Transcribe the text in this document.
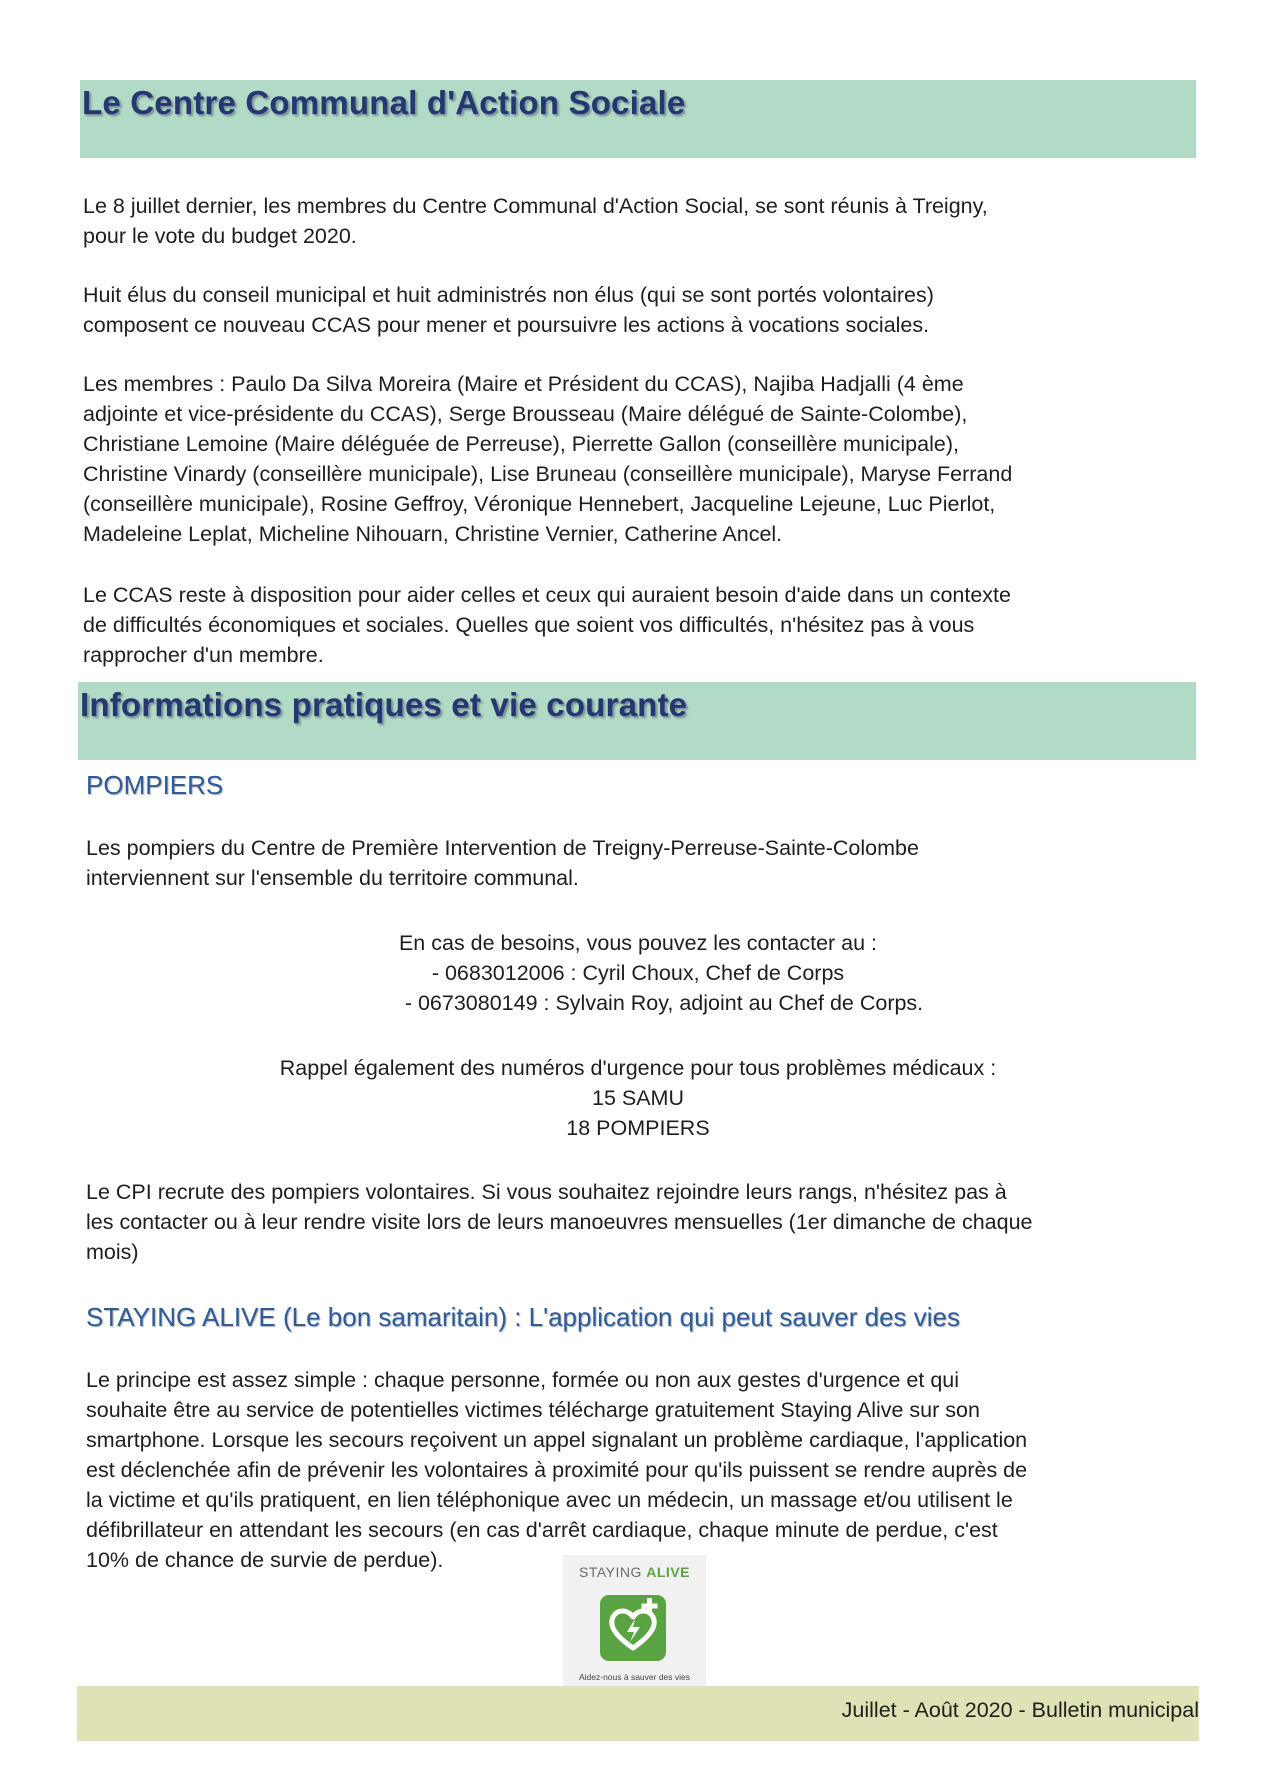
Le Centre Communal d'Action Sociale

Le 8 juillet dernier, les membres du Centre Communal d'Action Social, se sont réunis à Treigny,
pour le vote du budget 2020.

Huit élus du conseil municipal et huit administrés non élus (qui se sont portés volontaires)
composent ce nouveau CCAS pour mener et poursuivre les actions à vocations sociales.

Les membres : Paulo Da Silva Moreira (Maire et Président du CCAS), Najiba Hadjalli (4 ème
adjointe et vice-présidente du CCAS), Serge Brousseau (Maire délégué de Sainte-Colombe),
Christiane Lemoine (Maire déléguée de Perreuse), Pierrette Gallon (conseillère municipale),
Christine Vinardy (conseillère municipale), Lise Bruneau (conseillère municipale), Maryse Ferrand
(conseillère municipale), Rosine Geffroy, Véronique Hennebert, Jacqueline Lejeune, Luc Pierlot,
Madeleine Leplat, Micheline Nihouarn, Christine Vernier, Catherine Ancel.

Le CCAS reste à disposition pour aider celles et ceux qui auraient besoin d'aide dans un contexte
de difficultés économiques et sociales. Quelles que soient vos difficultés, n'hésitez pas à vous
rapprocher d'un membre.

Informations pratiques et vie courante
POMPIERS

Les pompiers du Centre de Première Intervention de Treigny-Perreuse-Sainte-Colombe
interviennent sur l'ensemble du territoire communal.

En cas de besoins, vous pouvez les contacter au :
- 0683012006 : Cyril Choux, Chef de Corps
- 0673080149 : Sylvain Roy, adjoint au Chef de Corps.

Rappel également des numéros d'urgence pour tous problèmes médicaux :
15 SAMU
18 POMPIERS

Le CPI recrute des pompiers volontaires. Si vous souhaitez rejoindre leurs rangs, n'hésitez pas à
les contacter ou à leur rendre visite lors de leurs manoeuvres mensuelles (1er dimanche de chaque
mois)

STAYING ALIVE (Le bon samaritain) : L'application qui peut sauver des vies

Le principe est assez simple : chaque personne, formée ou non aux gestes d'urgence et qui
souhaite être au service de potentielles victimes télécharge gratuitement Staying Alive sur son
smartphone. Lorsque les secours reçoivent un appel signalant un problème cardiaque, l'application
est déclenchée afin de prévenir les volontaires à proximité pour qu'ils puissent se rendre auprès de
la victime et qu'ils pratiquent, en lien téléphonique avec un médecin, un massage et/ou utilisent le
défibrillateur en attendant les secours (en cas d'arrêt cardiaque, chaque minute de perdue, c'est
10% de chance de survie de perdue).	STAYING ALIVE
Aidez-nous à sauver des vies
Juillet - Août 2020 - Bulletin municipal
